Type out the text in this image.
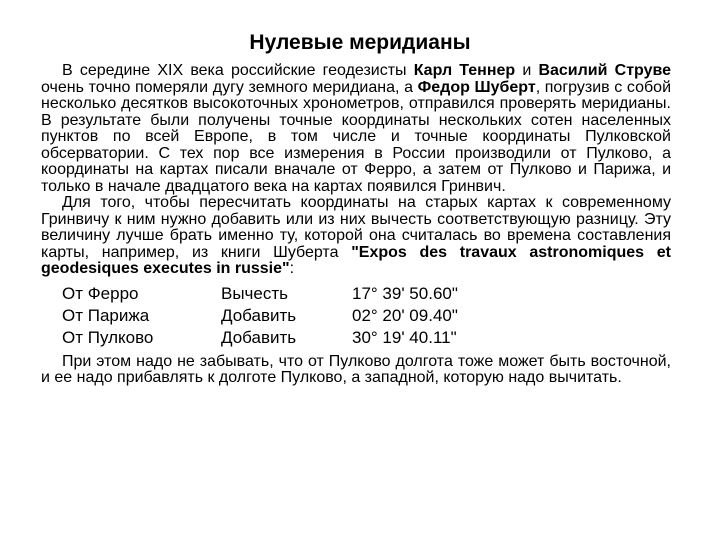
Нулевые меридианы

В середине XIX века российские геодезисты Карл Теннер и Василий Струве очень точно померяли дугу земного меридиана, а Федор Шуберт, погрузив с собой несколько десятков высокоточных хронометров, отправился проверять меридианы. В результате были получены точные координаты нескольких сотен населенных пунктов по всей Европе, в том числе и точные координаты Пулковской обсерватории. С тех пор все измерения в России производили от Пулково, а координаты на картах писали вначале от Ферро, а затем от Пулково и Парижа, и только в начале двадцатого века на картах появился Гринвич.

Для того, чтобы пересчитать координаты на старых картах к современному Гринвичу к ним нужно добавить или из них вычесть соответствующую разницу. Эту величину лучше брать именно ту, которой она считалась во времена составления карты, например, из книги Шуберта "Expos des travaux astronomiques et geodesiques executes in russie":

От Ферро	Вычесть	17° 39' 50.60"
От Парижа	Добавить	02° 20' 09.40"
От Пулково	Добавить	30° 19' 40.11"

При этом надо не забывать, что от Пулково долгота тоже может быть восточной, и ее надо прибавлять к долготе Пулково, а западной, которую надо вычитать.
